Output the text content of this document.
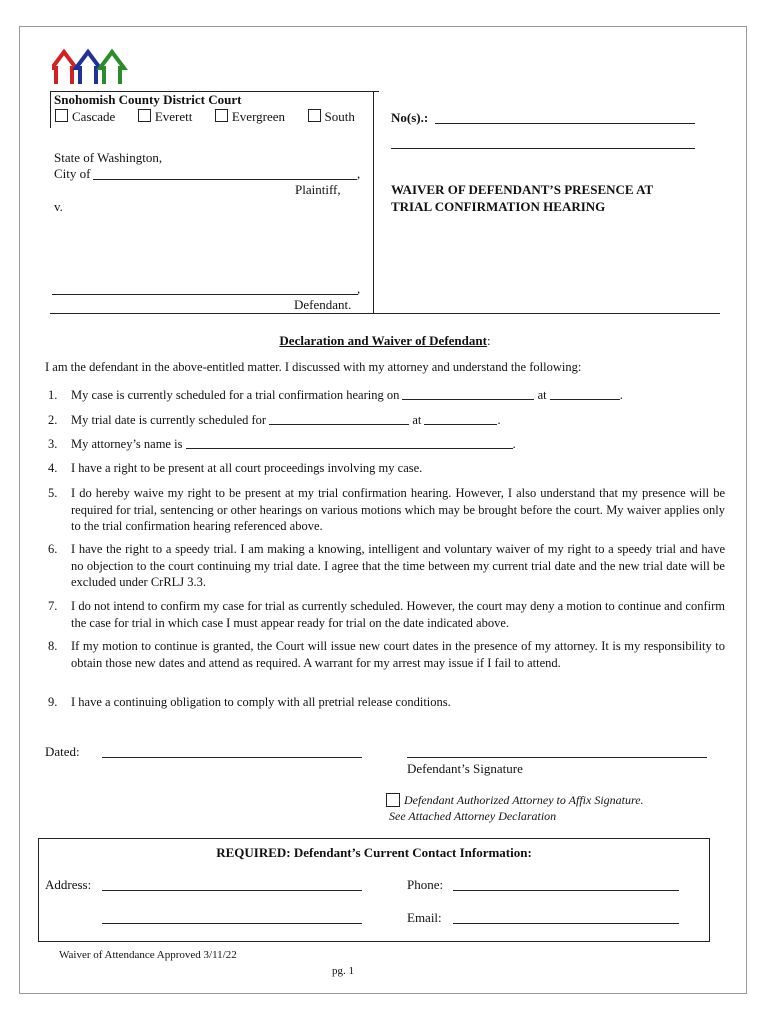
Snohomish County District Court
Cascade	Everett	Evergreen	South	No(s).:
State of Washington,
City of	,
Plaintiff,
v.
,
Defendant.
WAIVER OF DEFENDANT’S PRESENCE AT
TRIAL CONFIRMATION HEARING
Declaration and Waiver of Defendant:
I am the defendant in the above-entitled matter. I discussed with my attorney and understand the following:
1.	My case is currently scheduled for a trial confirmation hearing on	at	.
2.	My trial date is currently scheduled for	at	.
3.	My attorney’s name is	.
4.	I have a right to be present at all court proceedings involving my case.
5.	I do hereby waive my right to be present at my trial confirmation hearing. However, I also understand that my presence will be required for trial, sentencing or other hearings on various motions which may be brought before the court. My waiver applies only to the trial confirmation hearing referenced above.
6.	I have the right to a speedy trial. I am making a knowing, intelligent and voluntary waiver of my right to a speedy trial and have no objection to the court continuing my trial date. I agree that the time between my current trial date and the new trial date will be excluded under CrRLJ 3.3.
7.	I do not intend to confirm my case for trial as currently scheduled. However, the court may deny a motion to continue and confirm the case for trial in which case I must appear ready for trial on the date indicated above.
8.	If my motion to continue is granted, the Court will issue new court dates in the presence of my attorney. It is my responsibility to obtain those new dates and attend as required. A warrant for my arrest may issue if I fail to attend.
9.	I have a continuing obligation to comply with all pretrial release conditions.
Dated:
Defendant’s Signature
Defendant Authorized Attorney to Affix Signature.
See Attached Attorney Declaration
REQUIRED: Defendant’s Current Contact Information:
Address:	Phone:
Email:
Waiver of Attendance Approved 3/11/22
pg. 1
